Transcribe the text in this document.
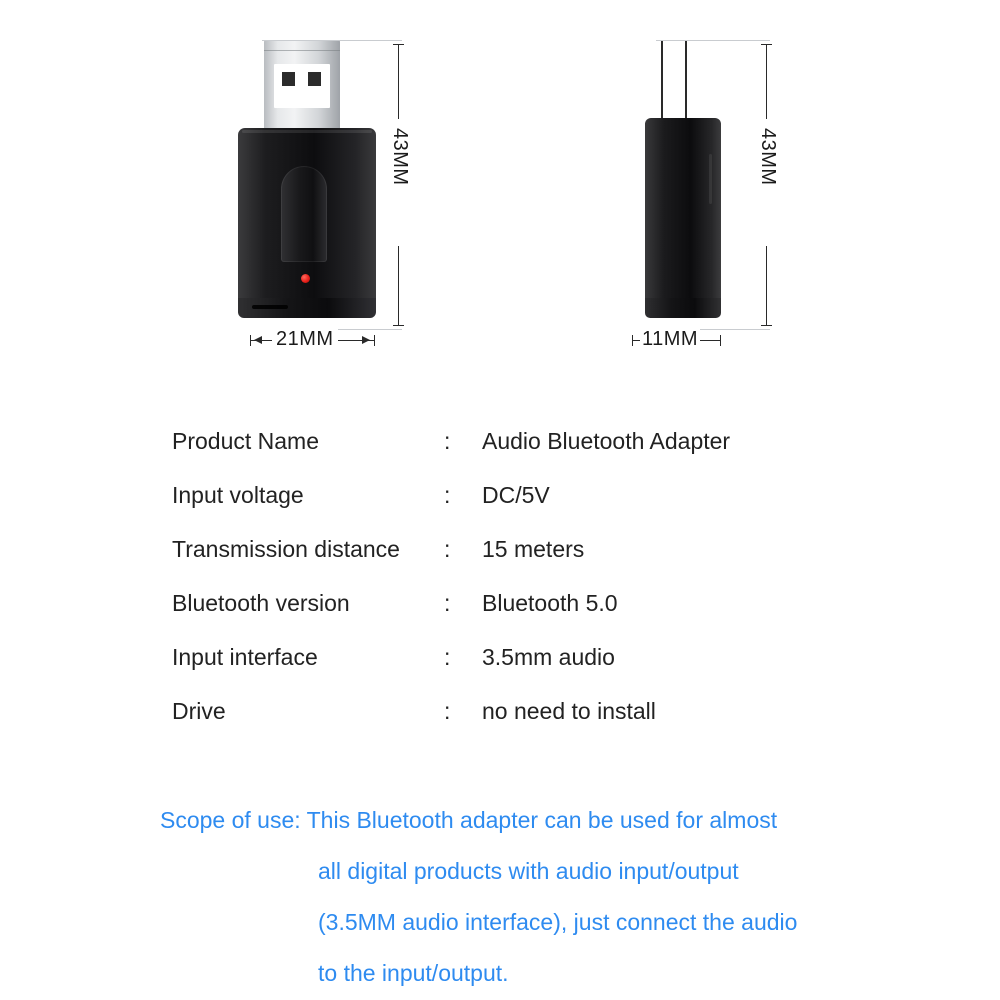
43MM
21MM
43MM
11MM
Product Name	:	Audio Bluetooth Adapter
Input voltage	:	DC/5V
Transmission distance	:	15 meters
Bluetooth version	:	Bluetooth 5.0
Input interface	:	3.5mm audio
Drive	:	no need to install
Scope of use: This Bluetooth adapter can be used for almost
all digital products with audio input/output
(3.5MM audio interface), just connect the audio
to the input/output.
